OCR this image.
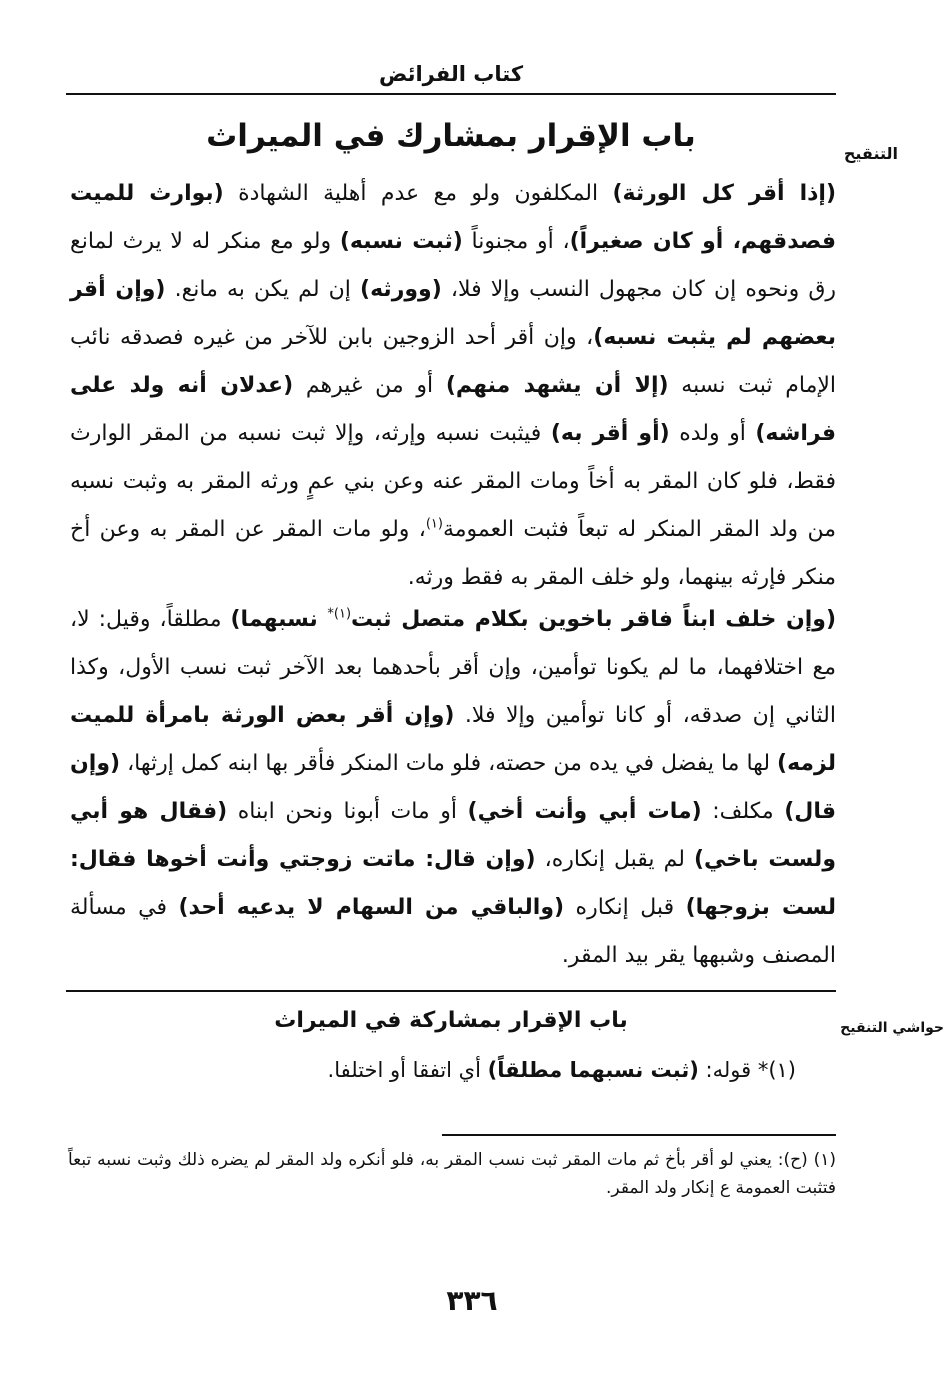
كتاب الفرائض
التنقيح
باب الإقرار بمشارك في الميراث
(إذا أقر كل الورثة) المكلفون ولو مع عدم أهلية الشهادة (بوارث للميت فصدقهم، أو كان صغيراً)، أو مجنوناً (ثبت نسبه) ولو مع منكر له لا يرث لمانع رق ونحوه إن كان مجهول النسب وإلا فلا، (وورثه) إن لم يكن به مانع. (وإن أقر بعضهم لم يثبت نسبه)، وإن أقر أحد الزوجين بابن للآخر من غيره فصدقه نائب الإمام ثبت نسبه (إلا أن يشهد منهم) أو من غيرهم (عدلان أنه ولد على فراشه) أو ولده (أو أقر به) فيثبت نسبه وإرثه، وإلا ثبت نسبه من المقر الوارث فقط، فلو كان المقر به أخاً ومات المقر عنه وعن بني عمٍ ورثه المقر به وثبت نسبه من ولد المقر المنكر له تبعاً فثبت العمومة$^{(١)}$، ولو مات المقر عن المقر به وعن أخ منكر فإرثه بينهما، ولو خلف المقر به فقط ورثه.
(وإن خلف ابناً فاقر باخوين بكلام متصل ثبت$^{(١)*}$ نسبهما) مطلقاً، وقيل: لا، مع اختلافهما، ما لم يكونا توأمين، وإن أقر بأحدهما بعد الآخر ثبت نسب الأول، وكذا الثاني إن صدقه، أو كانا توأمين وإلا فلا. (وإن أقر بعض الورثة بامرأة للميت لزمه) لها ما يفضل في يده من حصته، فلو مات المنكر فأقر بها ابنه كمل إرثها، (وإن قال) مكلف: (مات أبي وأنت أخي) أو مات أبونا ونحن ابناه (فقال هو أبي ولست باخي) لم يقبل إنكاره، (وإن قال: ماتت زوجتي وأنت أخوها فقال: لست بزوجها) قبل إنكاره (والباقي من السهام لا يدعيه أحد) في مسألة المصنف وشبهها يقر بيد المقر.
حواشي التنقيح
باب الإقرار بمشاركة في الميراث
(١)* قوله: (ثبت نسبهما مطلقاً) أي اتفقا أو اختلفا.
(١) (ح): يعني لو أقر بأخ ثم مات المقر ثبت نسب المقر به، فلو أنكره ولد المقر لم يضره ذلك وثبت نسبه تبعاً فتثبت العمومة ع إنكار ولد المقر.
٣٣٦
